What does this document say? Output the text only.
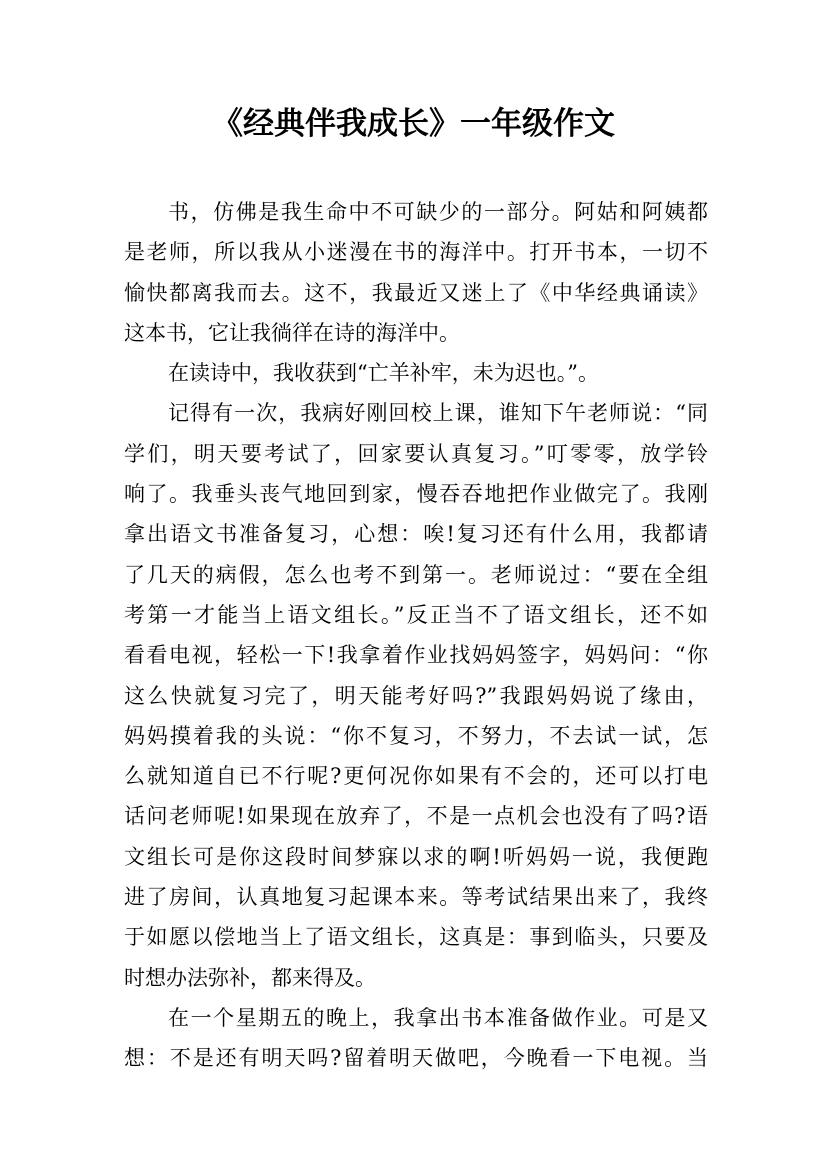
《经典伴我成长》一年级作文
书，仿佛是我生命中不可缺少的一部分。阿姑和阿姨都
是老师，所以我从小迷漫在书的海洋中。打开书本，一切不
愉快都离我而去。这不，我最近又迷上了《中华经典诵读》
这本书，它让我徜徉在诗的海洋中。
在读诗中，我收获到“亡羊补牢，未为迟也。”。
记得有一次，我病好刚回校上课，谁知下午老师说：“同
学们，明天要考试了，回家要认真复习。”叮零零，放学铃
响了。我垂头丧气地回到家，慢吞吞地把作业做完了。我刚
拿出语文书准备复习，心想：唉!复习还有什么用，我都请
了几天的病假，怎么也考不到第一。老师说过：“要在全组
考第一才能当上语文组长。”反正当不了语文组长，还不如
看看电视，轻松一下!我拿着作业找妈妈签字，妈妈问：“你
这么快就复习完了，明天能考好吗?”我跟妈妈说了缘由，
妈妈摸着我的头说：“你不复习，不努力，不去试一试，怎
么就知道自已不行呢?更何况你如果有不会的，还可以打电
话问老师呢!如果现在放弃了，不是一点机会也没有了吗?语
文组长可是你这段时间梦寐以求的啊!听妈妈一说，我便跑
进了房间，认真地复习起课本来。等考试结果出来了，我终
于如愿以偿地当上了语文组长，这真是：事到临头，只要及
时想办法弥补，都来得及。
在一个星期五的晚上，我拿出书本准备做作业。可是又
想：不是还有明天吗?留着明天做吧，今晚看一下电视。当
